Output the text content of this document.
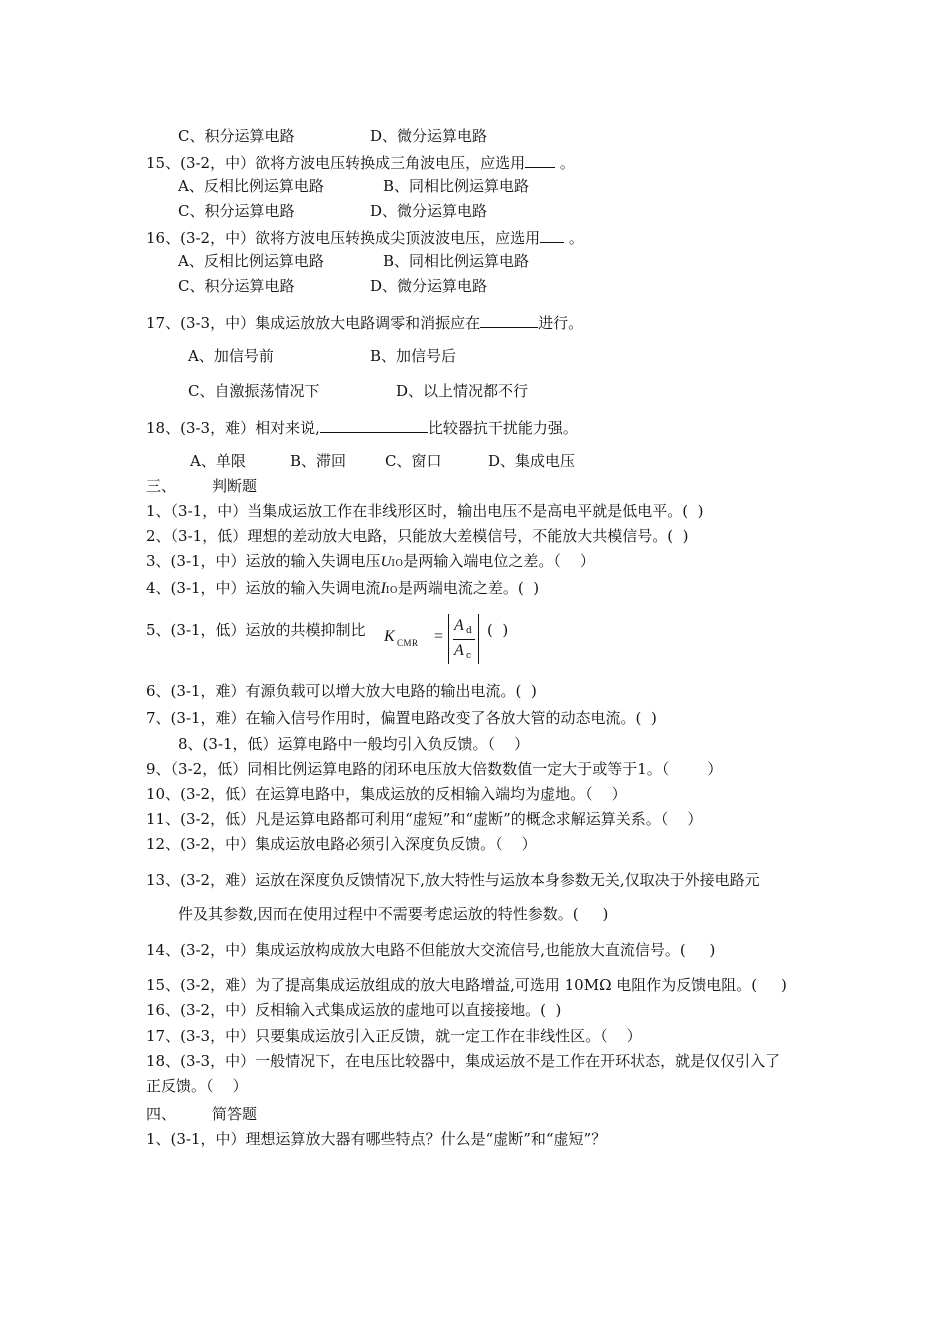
C、积分运算电路	D、微分运算电路
15、(3-2，中）欲将方波电压转换成三角波电压，应选用 。
A、反相比例运算电路	B、同相比例运算电路
C、积分运算电路	D、微分运算电路
16、(3-2，中）欲将方波电压转换成尖顶波波电压，应选用 。
A、反相比例运算电路	B、同相比例运算电路
C、积分运算电路	D、微分运算电路
17、(3-3，中）集成运放放大电路调零和消振应在	进行。
A、加信号前	B、加信号后
C、自激振荡情况下	D、以上情况都不行
18、(3-3，难）相对来说,	比较器抗干扰能力强。
A、单限	B、滞回	C、窗口	D、集成电压
三、 判断题
1、（3-1，中）当集成运放工作在非线形区时，输出电压不是高电平就是低电平。(  )
2、（3-1，低）理想的差动放大电路，只能放大差模信号，不能放大共模信号。(  )
3、(3-1，中）运放的输入失调电压UIO是两输入端电位之差。（    ）
4、(3-1，中）运放的输入失调电流IIO是两端电流之差。(  )
5、(3-1，低）运放的共模抑制比 K CMR =
A d
A c
(  )
6、(3-1，难）有源负载可以增大放大电路的输出电流。(  )
7、(3-1，难）在输入信号作用时，偏置电路改变了各放大管的动态电流。(  )
8、(3-1，低）运算电路中一般均引入负反馈。（    ）
9、（3-2，低）同相比例运算电路的闭环电压放大倍数数值一定大于或等于1。（        ）
10、(3-2，低）在运算电路中，集成运放的反相输入端均为虚地。（    ）
11、(3-2，低）凡是运算电路都可利用“虚短”和“虚断”的概念求解运算关系。（    ）
12、(3-2，中）集成运放电路必须引入深度负反馈。（    ）
13、(3-2，难）运放在深度负反馈情况下,放大特性与运放本身参数无关,仅取决于外接电路元
件及其参数,因而在使用过程中不需要考虑运放的特性参数。(     )
14、(3-2，中）集成运放构成放大电路不但能放大交流信号,也能放大直流信号。(     )
15、(3-2，难）为了提高集成运放组成的放大电路增益,可选用 10MΩ 电阻作为反馈电阻。(     )
16、(3-2，中）反相输入式集成运放的虚地可以直接接地。(  )
17、(3-3，中）只要集成运放引入正反馈，就一定工作在非线性区。（    ）
18、(3-3，中）一般情况下，在电压比较器中，集成运放不是工作在开环状态，就是仅仅引入了
正反馈。（    ）
四、 简答题
1、(3-1，中）理想运算放大器有哪些特点？什么是“虚断”和“虚短”？
